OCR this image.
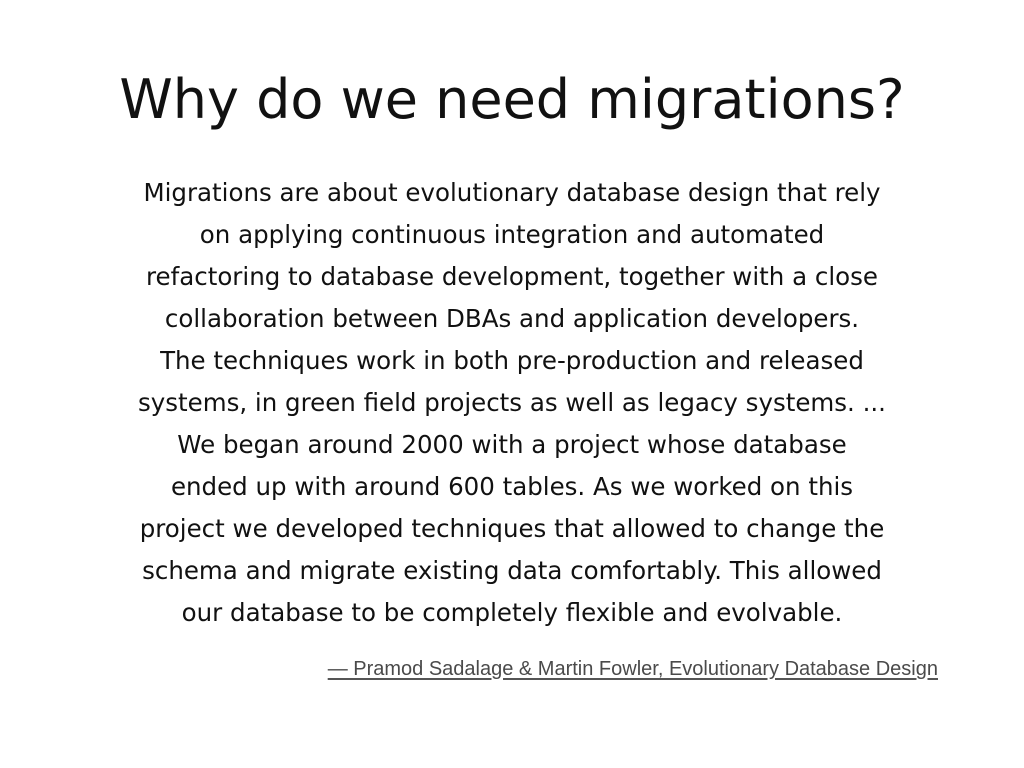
Why do we need migrations?
Migrations are about evolutionary database design that rely
on applying continuous integration and automated
refactoring to database development, together with a close
collaboration between DBAs and application developers.
The techniques work in both pre-production and released
systems, in green field projects as well as legacy systems. ...
We began around 2000 with a project whose database
ended up with around 600 tables. As we worked on this
project we developed techniques that allowed to change the
schema and migrate existing data comfortably. This allowed
our database to be completely flexible and evolvable.
— Pramod Sadalage & Martin Fowler, Evolutionary Database Design
